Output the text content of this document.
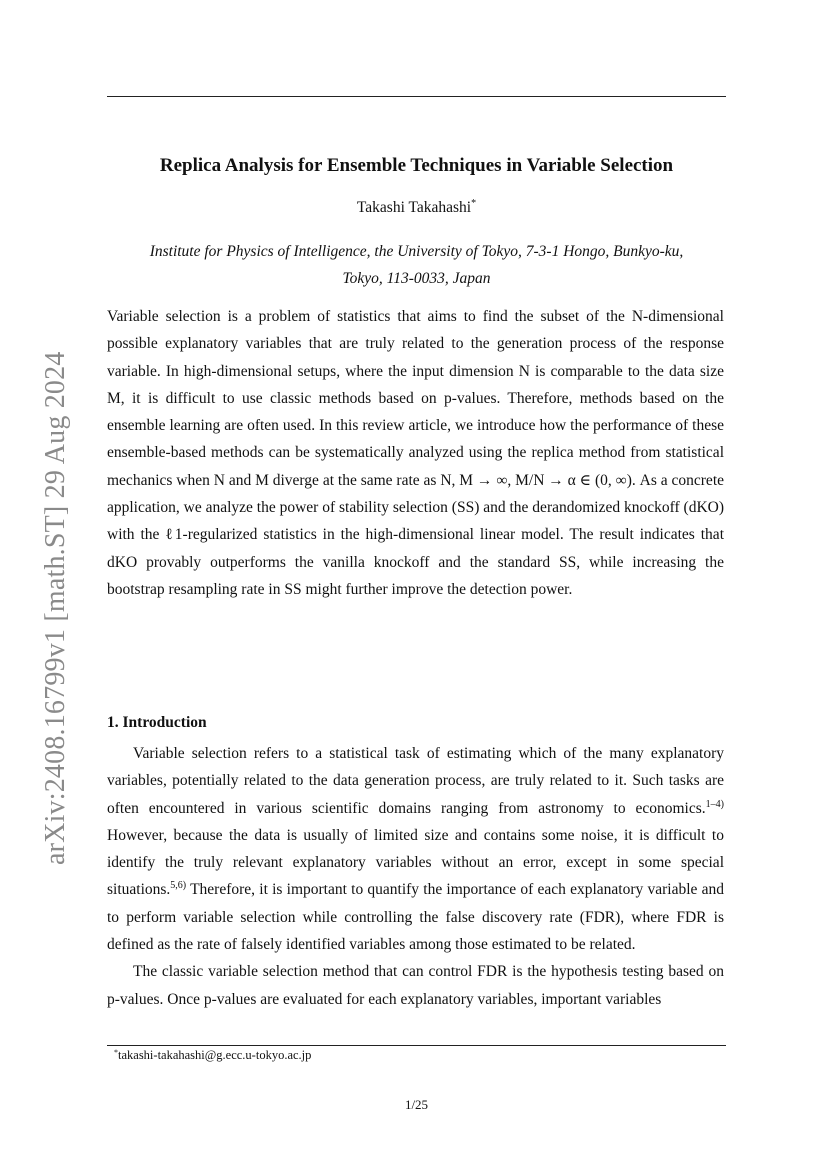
arXiv:2408.16799v1 [math.ST] 29 Aug 2024
Replica Analysis for Ensemble Techniques in Variable Selection
Takashi Takahashi*
Institute for Physics of Intelligence, the University of Tokyo, 7-3-1 Hongo, Bunkyo-ku,
Tokyo, 113-0033, Japan
Variable selection is a problem of statistics that aims to find the subset of the N-dimensional possible explanatory variables that are truly related to the generation process of the response variable. In high-dimensional setups, where the input dimension N is comparable to the data size M, it is difficult to use classic methods based on p-values. Therefore, methods based on the ensemble learning are often used. In this review article, we introduce how the performance of these ensemble-based methods can be systematically analyzed using the replica method from statistical mechanics when N and M diverge at the same rate as N, M → ∞, M/N → α ∈ (0, ∞). As a concrete application, we analyze the power of stability selection (SS) and the derandomized knockoff (dKO) with the ℓ1-regularized statistics in the high-dimensional linear model. The result indicates that dKO provably outperforms the vanilla knockoff and the standard SS, while increasing the bootstrap resampling rate in SS might further improve the detection power.
1. Introduction

Variable selection refers to a statistical task of estimating which of the many explanatory variables, potentially related to the data generation process, are truly related to it. Such tasks are often encountered in various scientific domains ranging from astronomy to economics.$^{1-4)}$ However, because the data is usually of limited size and contains some noise, it is difficult to identify the truly relevant explanatory variables without an error, except in some special situations.$^{5,6)}$ Therefore, it is important to quantify the importance of each explanatory variable and to perform variable selection while controlling the false discovery rate (FDR), where FDR is defined as the rate of falsely identified variables among those estimated to be related.

The classic variable selection method that can control FDR is the hypothesis testing based on p-values. Once p-values are evaluated for each explanatory variables, important variables

*takashi-takahashi@g.ecc.u-tokyo.ac.jp
1/25
